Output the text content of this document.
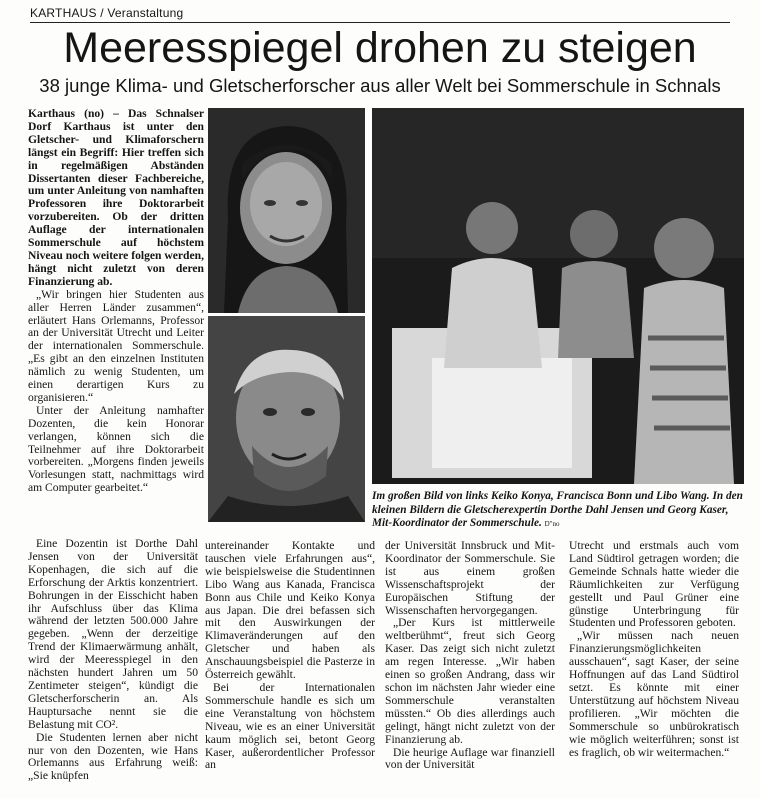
KARTHAUS / Veranstaltung
Meeresspiegel drohen zu steigen
38 junge Klima- und Gletscherforscher aus aller Welt bei Sommerschule in Schnals

Karthaus (no) – Das Schnalser Dorf Karthaus ist unter den Gletscher- und Klimaforschern längst ein Begriff: Hier treffen sich in regelmäßigen Abständen Dissertanten dieser Fachbereiche, um unter Anleitung von namhaften Professoren ihre Doktorarbeit vorzubereiten. Ob der dritten Auflage der internationalen Sommerschule auf höchstem Niveau noch weitere folgen werden, hängt nicht zuletzt von deren Finanzierung ab.

„Wir bringen hier Studenten aus aller Herren Länder zusammen“, erläutert Hans Orlemanns, Professor an der Universität Utrecht und Leiter der internationalen Sommerschule. „Es gibt an den einzelnen Instituten nämlich zu wenig Studenten, um einen derartigen Kurs zu organisieren.“

Unter der Anleitung namhafter Dozenten, die kein Honorar verlangen, können sich die Teilnehmer auf ihre Doktorarbeit vorbereiten. „Morgens finden jeweils Vorlesungen statt, nachmittags wird am Computer gearbeitet.“

Eine Dozentin ist Dorthe Dahl Jensen von der Universität Kopenhagen, die sich auf die Erforschung der Arktis konzentriert. Bohrungen in der Eisschicht haben ihr Aufschluss über das Klima während der letzten 500.000 Jahre gegeben. „Wenn der derzeitige Trend der Klimaerwärmung anhält, wird der Meeresspiegel in den nächsten hundert Jahren um 50 Zentimeter steigen“, kündigt die Gletscherforscherin an. Als Hauptursache nennt sie die Belastung mit CO².

Die Studenten lernen aber nicht nur von den Dozenten, wie Hans Orlemanns aus Erfahrung weiß: „Sie knüpfen

Im großen Bild von links Keiko Konya, Francisca Bonn und Libo Wang. In den kleinen Bildern die Gletscherexpertin Dorthe Dahl Jensen und Georg Kaser, Mit-Koordinator der Sommerschule. D"no

untereinander Kontakte und tauschen viele Erfahrungen aus“, wie beispielsweise die Studentinnen Libo Wang aus Kanada, Francisca Bonn aus Chile und Keiko Konya aus Japan. Die drei befassen sich mit den Auswirkungen der Klimaveränderungen auf den Gletscher und haben als Anschauungsbeispiel die Pasterze in Österreich gewählt.

Bei der Internationalen Sommerschule handle es sich um eine Veranstaltung von höchstem Niveau, wie es an einer Universität kaum möglich sei, betont Georg Kaser, außerordentlicher Professor an

der Universität Innsbruck und Mit-Koordinator der Sommerschule. Sie ist aus einem großen Wissenschaftsprojekt der Europäischen Stiftung der Wissenschaften hervorgegangen.

„Der Kurs ist mittlerweile weltberühmt“, freut sich Georg Kaser. Das zeigt sich nicht zuletzt am regen Interesse. „Wir haben einen so großen Andrang, dass wir schon im nächsten Jahr wieder eine Sommerschule veranstalten müssten.“ Ob dies allerdings auch gelingt, hängt nicht zuletzt von der Finanzierung ab.

Die heurige Auflage war finanziell von der Universität

Utrecht und erstmals auch vom Land Südtirol getragen worden; die Gemeinde Schnals hatte wieder die Räumlichkeiten zur Verfügung gestellt und Paul Grüner eine günstige Unterbringung für Studenten und Professoren geboten.

„Wir müssen nach neuen Finanzierungsmöglichkeiten ausschauen“, sagt Kaser, der seine Hoffnungen auf das Land Südtirol setzt. Es könnte mit einer Unterstützung auf höchstem Niveau profilieren. „Wir möchten die Sommerschule so unbürokratisch wie möglich weiterführen; sonst ist es fraglich, ob wir weitermachen.“
